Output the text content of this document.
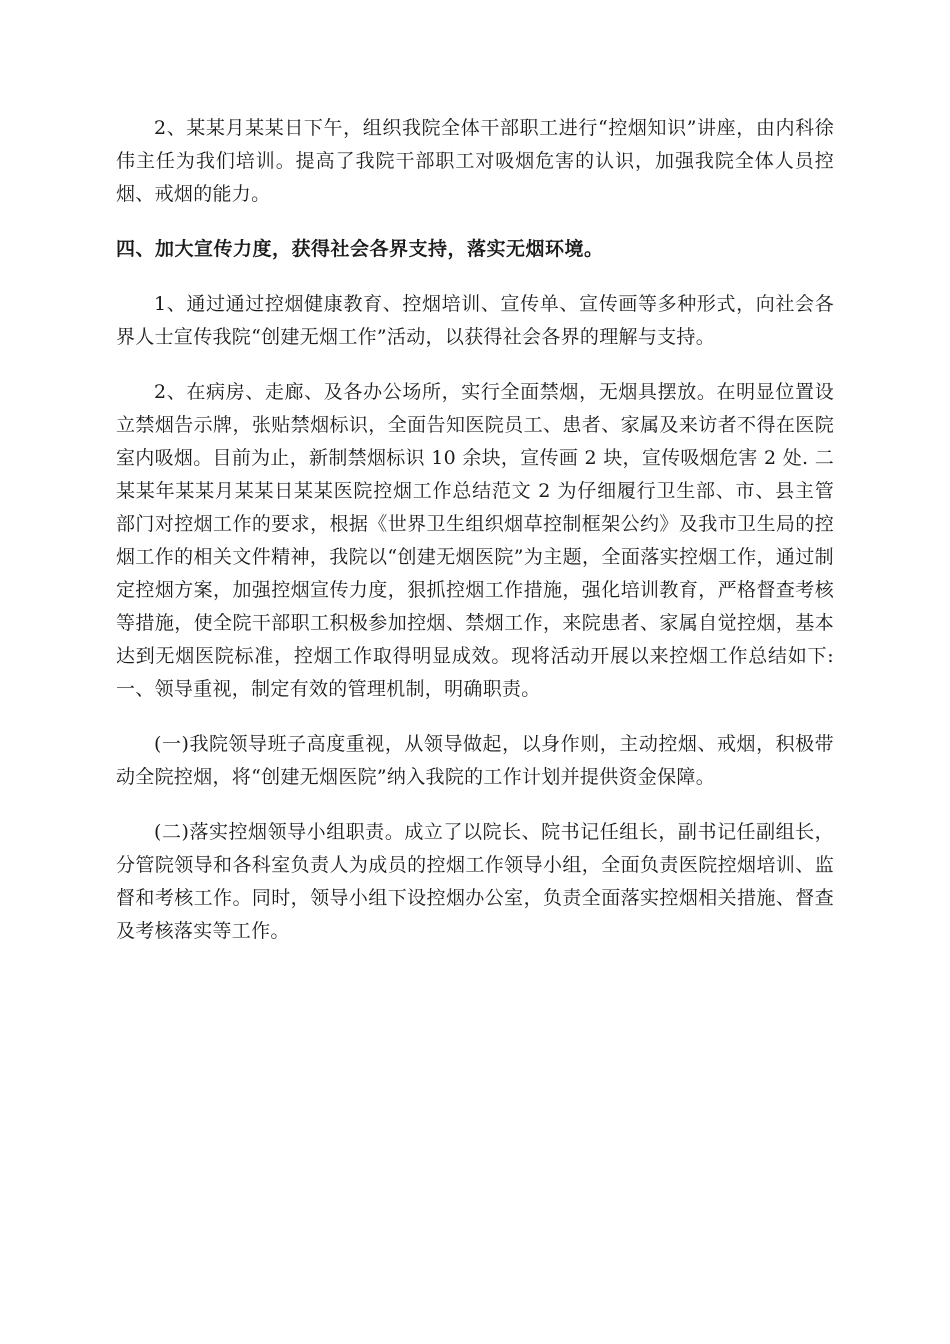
2、某某月某某日下午，组织我院全体干部职工进行“控烟知识”讲座，由内科徐伟主任为我们培训。提高了我院干部职工对吸烟危害的认识，加强我院全体人员控烟、戒烟的能力。

四、加大宣传力度，获得社会各界支持，落实无烟环境。

1、通过通过控烟健康教育、控烟培训、宣传单、宣传画等多种形式，向社会各界人士宣传我院“创建无烟工作”活动，以获得社会各界的理解与支持。

2、在病房、走廊、及各办公场所，实行全面禁烟，无烟具摆放。在明显位置设立禁烟告示牌，张贴禁烟标识，全面告知医院员工、患者、家属及来访者不得在医院室内吸烟。目前为止，新制禁烟标识 10 余块，宣传画 2 块，宣传吸烟危害 2 处. 二某某年某某月某某日某某医院控烟工作总结范文 2 为仔细履行卫生部、市、县主管部门对控烟工作的要求，根据《世界卫生组织烟草控制框架公约》及我市卫生局的控烟工作的相关文件精神，我院以“创建无烟医院”为主题，全面落实控烟工作，通过制定控烟方案，加强控烟宣传力度，狠抓控烟工作措施，强化培训教育，严格督查考核等措施，使全院干部职工积极参加控烟、禁烟工作，来院患者、家属自觉控烟，基本达到无烟医院标准，控烟工作取得明显成效。现将活动开展以来控烟工作总结如下:一、领导重视，制定有效的管理机制，明确职责。

(一)我院领导班子高度重视，从领导做起，以身作则，主动控烟、戒烟，积极带动全院控烟，将“创建无烟医院”纳入我院的工作计划并提供资金保障。

(二)落实控烟领导小组职责。成立了以院长、院书记任组长，副书记任副组长，分管院领导和各科室负责人为成员的控烟工作领导小组，全面负责医院控烟培训、监督和考核工作。同时，领导小组下设控烟办公室，负责全面落实控烟相关措施、督查及考核落实等工作。
